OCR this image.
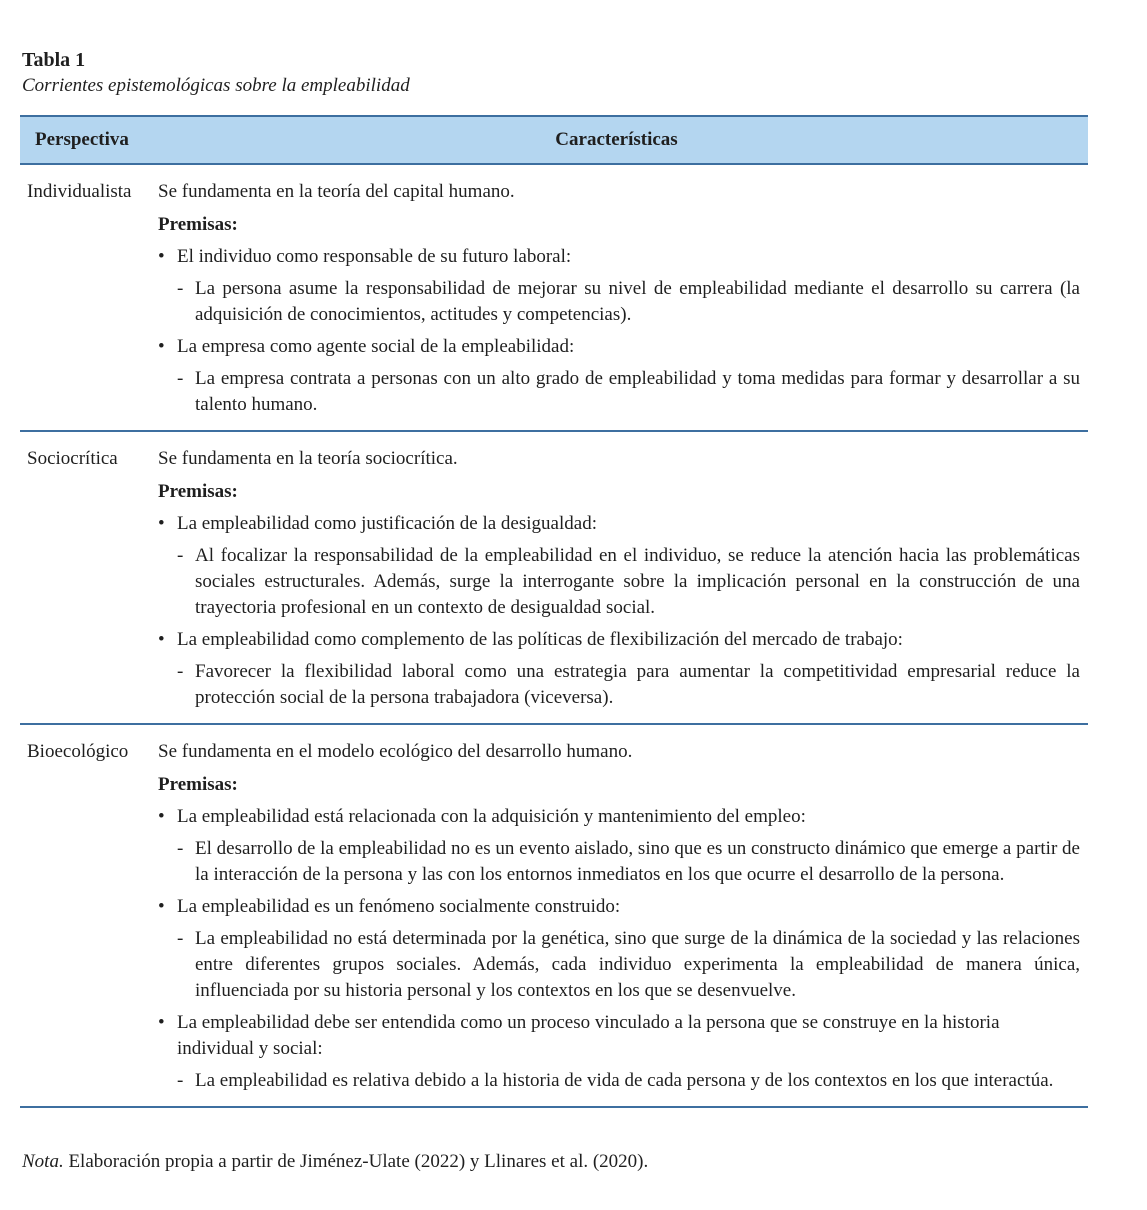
Tabla 1
Corrientes epistemológicas sobre la empleabilidad
Perspectiva	Características
Individualista	Se fundamenta en la teoría del capital humano.
Premisas:
• El individuo como responsable de su futuro laboral:
- La persona asume la responsabilidad de mejorar su nivel de empleabilidad mediante el desarrollo su carrera (la adquisición de conocimientos, actitudes y competencias).
• La empresa como agente social de la empleabilidad:
- La empresa contrata a personas con un alto grado de empleabilidad y toma medidas para formar y desarrollar a su talento humano.
Sociocrítica	Se fundamenta en la teoría sociocrítica.
Premisas:
• La empleabilidad como justificación de la desigualdad:
- Al focalizar la responsabilidad de la empleabilidad en el individuo, se reduce la atención hacia las problemáticas sociales estructurales. Además, surge la interrogante sobre la implicación personal en la construcción de una trayectoria profesional en un contexto de desigualdad social.
• La empleabilidad como complemento de las políticas de flexibilización del mercado de trabajo:
- Favorecer la flexibilidad laboral como una estrategia para aumentar la competitividad empresarial reduce la protección social de la persona trabajadora (viceversa).
Bioecológico	Se fundamenta en el modelo ecológico del desarrollo humano.
Premisas:
• La empleabilidad está relacionada con la adquisición y mantenimiento del empleo:
- El desarrollo de la empleabilidad no es un evento aislado, sino que es un constructo dinámico que emerge a partir de la interacción de la persona y las con los entornos inmediatos en los que ocurre el desarrollo de la persona.
• La empleabilidad es un fenómeno socialmente construido:
- La empleabilidad no está determinada por la genética, sino que surge de la dinámica de la sociedad y las relaciones entre diferentes grupos sociales. Además, cada individuo experimenta la empleabilidad de manera única, influenciada por su historia personal y los contextos en los que se desenvuelve.
• La empleabilidad debe ser entendida como un proceso vinculado a la persona que se construye en la historia individual y social:
- La empleabilidad es relativa debido a la historia de vida de cada persona y de los contextos en los que interactúa.
Nota. Elaboración propia a partir de Jiménez-Ulate (2022) y Llinares et al. (2020).
